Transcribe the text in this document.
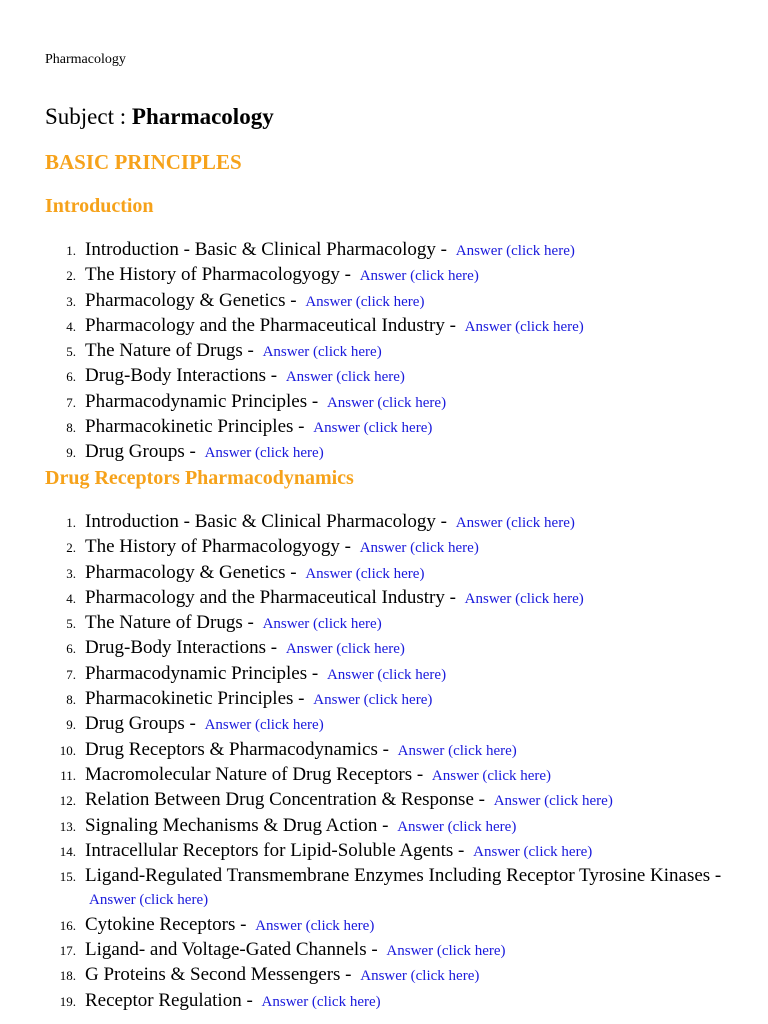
Pharmacology

Subject : Pharmacology
BASIC PRINCIPLES
Introduction
1. Introduction - Basic & Clinical Pharmacology - Answer (click here)
2. The History of Pharmacologyogy - Answer (click here)
3. Pharmacology & Genetics - Answer (click here)
4. Pharmacology and the Pharmaceutical Industry - Answer (click here)
5. The Nature of Drugs - Answer (click here)
6. Drug-Body Interactions - Answer (click here)
7. Pharmacodynamic Principles - Answer (click here)
8. Pharmacokinetic Principles - Answer (click here)
9. Drug Groups - Answer (click here)
Drug Receptors Pharmacodynamics
1. Introduction - Basic & Clinical Pharmacology - Answer (click here)
2. The History of Pharmacologyogy - Answer (click here)
3. Pharmacology & Genetics - Answer (click here)
4. Pharmacology and the Pharmaceutical Industry - Answer (click here)
5. The Nature of Drugs - Answer (click here)
6. Drug-Body Interactions - Answer (click here)
7. Pharmacodynamic Principles - Answer (click here)
8. Pharmacokinetic Principles - Answer (click here)
9. Drug Groups - Answer (click here)
10. Drug Receptors & Pharmacodynamics - Answer (click here)
11. Macromolecular Nature of Drug Receptors - Answer (click here)
12. Relation Between Drug Concentration & Response - Answer (click here)
13. Signaling Mechanisms & Drug Action - Answer (click here)
14. Intracellular Receptors for Lipid-Soluble Agents - Answer (click here)
15. Ligand-Regulated Transmembrane Enzymes Including Receptor Tyrosine Kinases - Answer (click here)
16. Cytokine Receptors - Answer (click here)
17. Ligand- and Voltage-Gated Channels - Answer (click here)
18. G Proteins & Second Messengers - Answer (click here)
19. Receptor Regulation - Answer (click here)
